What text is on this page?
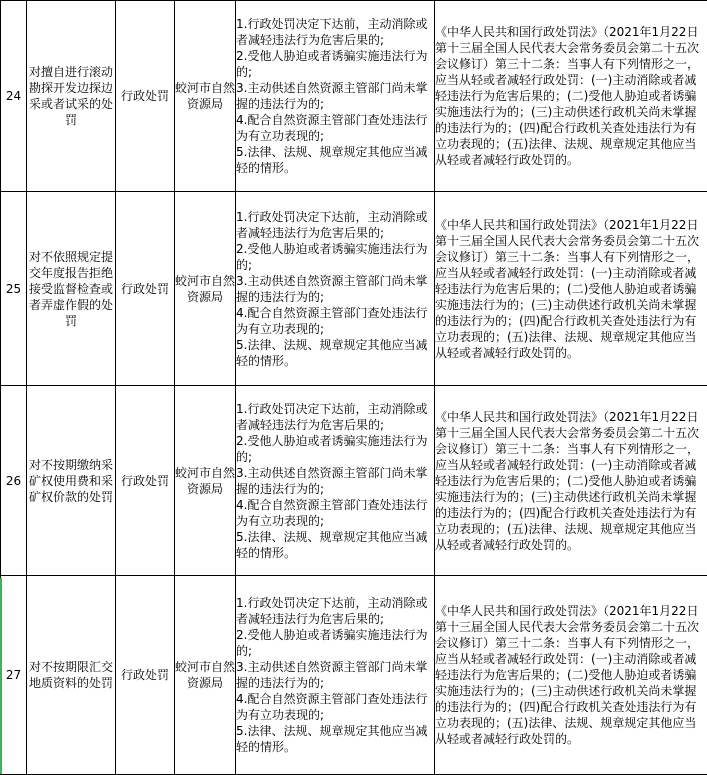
24	对擅自进行滚动勘探开发边探边采或者试采的处罚	行政处罚	蛟河市自然资源局	1.行政处罚决定下达前，主动消除或者减轻违法行为危害后果的;
2.受他人胁迫或者诱骗实施违法行为的;
3.主动供述自然资源主管部门尚未掌握的违法行为的;
4.配合自然资源主管部门查处违法行为有立功表现的;
5.法律、法规、规章规定其他应当减轻的情形。	《中华人民共和国行政处罚法》（2021年1月22日第十三届全国人民代表大会常务委员会第二十五次会议修订）第三十二条：当事人有下列情形之一，应当从轻或者减轻行政处罚：(一)主动消除或者减轻违法行为危害后果的；(二)受他人胁迫或者诱骗实施违法行为的；(三)主动供述行政机关尚未掌握的违法行为的；(四)配合行政机关查处违法行为有立功表现的；(五)法律、法规、规章规定其他应当从轻或者减轻行政处罚的。
25	对不依照规定提交年度报告拒绝接受监督检查或者弄虚作假的处罚	行政处罚	蛟河市自然资源局	1.行政处罚决定下达前，主动消除或者减轻违法行为危害后果的;
2.受他人胁迫或者诱骗实施违法行为的;
3.主动供述自然资源主管部门尚未掌握的违法行为的;
4.配合自然资源主管部门查处违法行为有立功表现的;
5.法律、法规、规章规定其他应当减轻的情形。	《中华人民共和国行政处罚法》（2021年1月22日第十三届全国人民代表大会常务委员会第二十五次会议修订）第三十二条：当事人有下列情形之一，应当从轻或者减轻行政处罚：(一)主动消除或者减轻违法行为危害后果的；(二)受他人胁迫或者诱骗实施违法行为的；(三)主动供述行政机关尚未掌握的违法行为的；(四)配合行政机关查处违法行为有立功表现的；(五)法律、法规、规章规定其他应当从轻或者减轻行政处罚的。
26	对不按期缴纳采矿权使用费和采矿权价款的处罚	行政处罚	蛟河市自然资源局	1.行政处罚决定下达前，主动消除或者减轻违法行为危害后果的;
2.受他人胁迫或者诱骗实施违法行为的;
3.主动供述自然资源主管部门尚未掌握的违法行为的;
4.配合自然资源主管部门查处违法行为有立功表现的;
5.法律、法规、规章规定其他应当减轻的情形。	《中华人民共和国行政处罚法》（2021年1月22日第十三届全国人民代表大会常务委员会第二十五次会议修订）第三十二条：当事人有下列情形之一，应当从轻或者减轻行政处罚：(一)主动消除或者减轻违法行为危害后果的；(二)受他人胁迫或者诱骗实施违法行为的；(三)主动供述行政机关尚未掌握的违法行为的；(四)配合行政机关查处违法行为有立功表现的；(五)法律、法规、规章规定其他应当从轻或者减轻行政处罚的。
27	对不按期限汇交地质资料的处罚	行政处罚	蛟河市自然资源局	1.行政处罚决定下达前，主动消除或者减轻违法行为危害后果的;
2.受他人胁迫或者诱骗实施违法行为的;
3.主动供述自然资源主管部门尚未掌握的违法行为的;
4.配合自然资源主管部门查处违法行为有立功表现的;
5.法律、法规、规章规定其他应当减轻的情形。	《中华人民共和国行政处罚法》（2021年1月22日第十三届全国人民代表大会常务委员会第二十五次会议修订）第三十二条：当事人有下列情形之一，应当从轻或者减轻行政处罚：(一)主动消除或者减轻违法行为危害后果的；(二)受他人胁迫或者诱骗实施违法行为的；(三)主动供述行政机关尚未掌握的违法行为的；(四)配合行政机关查处违法行为有立功表现的；(五)法律、法规、规章规定其他应当从轻或者减轻行政处罚的。
